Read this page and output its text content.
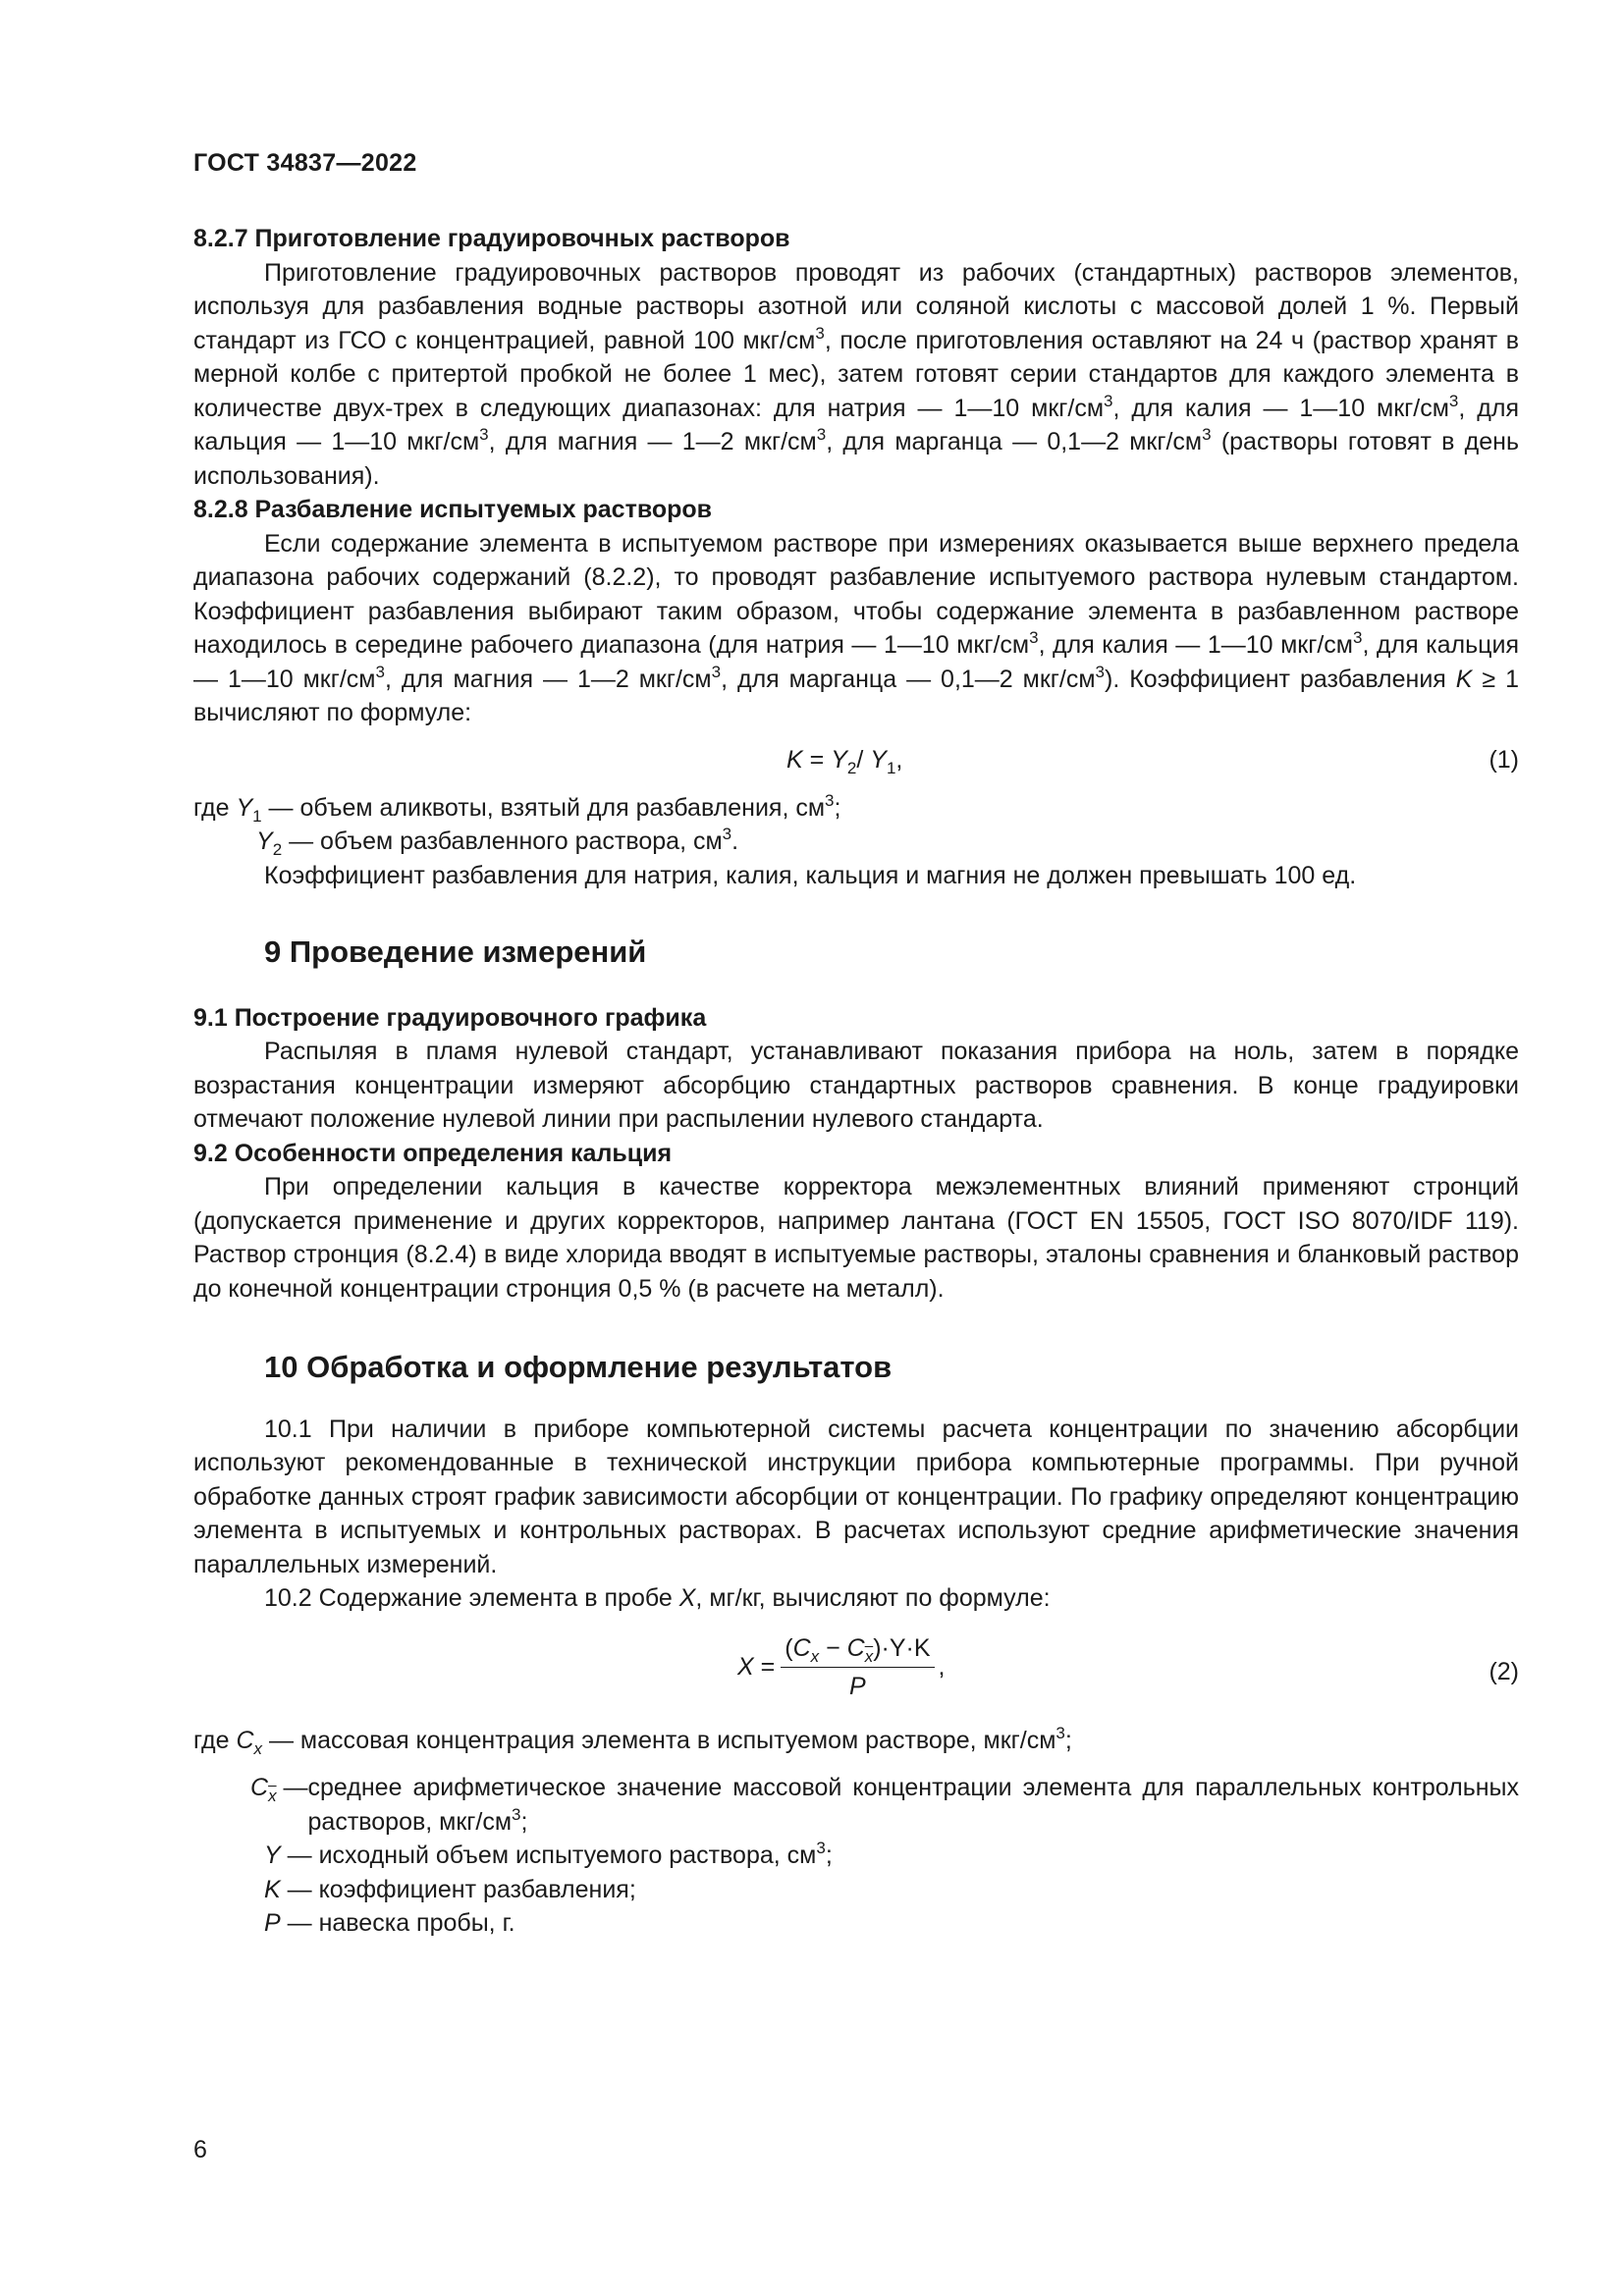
ГОСТ 34837—2022

8.2.7 Приготовление градуировочных растворов

Приготовление градуировочных растворов проводят из рабочих (стандартных) растворов элементов, используя для разбавления водные растворы азотной или соляной кислоты с массовой долей 1 %. Первый стандарт из ГСО с концентрацией, равной 100 мкг/$см^3$, после приготовления оставляют на 24 ч (раствор хранят в мерной колбе с притертой пробкой не более 1 мес), затем готовят серии стандартов для каждого элемента в количестве двух-трех в следующих диапазонах: для натрия — 1—10 мкг/$см^3$, для калия — 1—10 мкг/$см^3$, для кальция — 1—10 мкг/$см^3$, для магния — 1—2 мкг/$см^3$, для марганца — 0,1—2 мкг/$см^3$ (растворы готовят в день использования).

8.2.8 Разбавление испытуемых растворов

Если содержание элемента в испытуемом растворе при измерениях оказывается выше верхнего предела диапазона рабочих содержаний (8.2.2), то проводят разбавление испытуемого раствора нулевым стандартом. Коэффициент разбавления выбирают таким образом, чтобы содержание элемента в разбавленном растворе находилось в середине рабочего диапазона (для натрия — 1—10 мкг/$см^3$, для калия — 1—10 мкг/$см^3$, для кальция — 1—10 мкг/$см^3$, для магния — 1—2 мкг/$см^3$, для марганца — 0,1—2 мкг/$см^3$). Коэффициент разбавления K ≥ 1 вычисляют по формуле:

$K = Y_2/$ $Y_1$,	(1)

где $Y_1$ — объем аликвоты, взятый для разбавления, $см^3$;

$Y_2$ — объем разбавленного раствора, $см^3$.

Коэффициент разбавления для натрия, калия, кальция и магния не должен превышать 100 ед.

9 Проведение измерений

9.1 Построение градуировочного графика

Распыляя в пламя нулевой стандарт, устанавливают показания прибора на ноль, затем в порядке возрастания концентрации измеряют абсорбцию стандартных растворов сравнения. В конце градуировки отмечают положение нулевой линии при распылении нулевого стандарта.

9.2 Особенности определения кальция

При определении кальция в качестве корректора межэлементных влияний применяют стронций (допускается применение и других корректоров, например лантана (ГОСТ EN 15505, ГОСТ ISO 8070/IDF 119). Раствор стронция (8.2.4) в виде хлорида вводят в испытуемые растворы, эталоны сравнения и бланковый раствор до конечной концентрации стронция 0,5 % (в расчете на металл).

10 Обработка и оформление результатов

10.1 При наличии в приборе компьютерной системы расчета концентрации по значению абсорбции используют рекомендованные в технической инструкции прибора компьютерные программы. При ручной обработке данных строят график зависимости абсорбции от концентрации. По графику определяют концентрацию элемента в испытуемых и контрольных растворах. В расчетах используют средние арифметические значения параллельных измерений.

10.2 Содержание элемента в пробе X, мг/кг, вычисляют по формуле:

$X = \frac{(C_x - C_{\overline{x}})\cdot Y\cdot K}{P}$ ,	(2)

где $C_x$ — массовая концентрация элемента в испытуемом растворе, мкг/$см^3$;

$C_{\overline{x}}$ — среднее арифметическое значение массовой концентрации элемента для параллельных контрольных растворов, мкг/$см^3$;

Y — исходный объем испытуемого раствора, $см^3$;

K — коэффициент разбавления;

P — навеска пробы, г.

6
